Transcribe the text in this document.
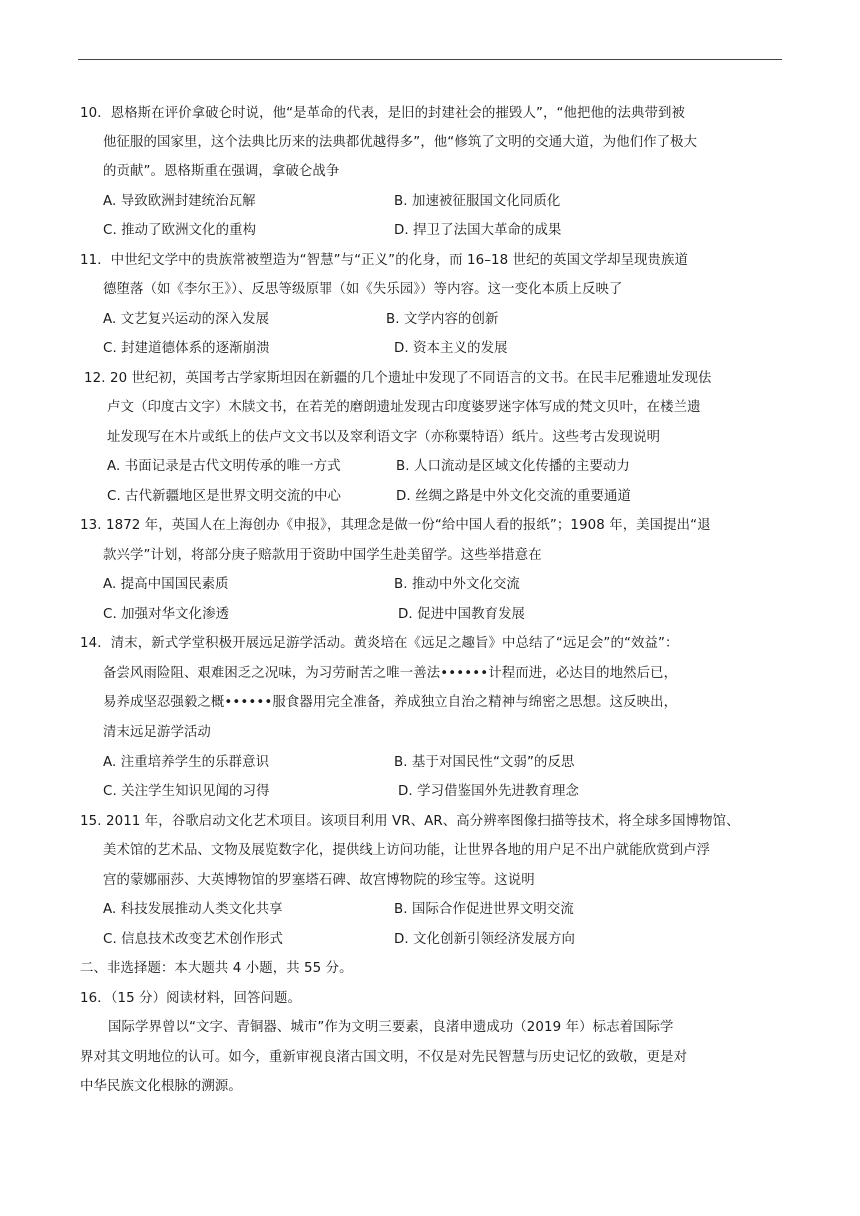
10．恩格斯在评价拿破仑时说，他“是革命的代表，是旧的封建社会的摧毁人”，“他把他的法典带到被
他征服的国家里，这个法典比历来的法典都优越得多”，他“修筑了文明的交通大道，为他们作了极大
的贡献”。恩格斯重在强调，拿破仑战争
A. 导致欧洲封建统治瓦解	B. 加速被征服国文化同质化
C. 推动了欧洲文化的重构	D. 捍卫了法国大革命的成果
11．中世纪文学中的贵族常被塑造为“智慧”与“正义”的化身，而 16–18 世纪的英国文学却呈现贵族道
德堕落（如《李尔王》）、反思等级原罪（如《失乐园》）等内容。这一变化本质上反映了
A. 文艺复兴运动的深入发展	B. 文学内容的创新
C. 封建道德体系的逐渐崩溃	D. 资本主义的发展
12. 20 世纪初，英国考古学家斯坦因在新疆的几个遗址中发现了不同语言的文书。在民丰尼雅遗址发现佉
卢文（印度古文字）木牍文书，在若羌的磨朗遗址发现古印度婆罗迷字体写成的梵文贝叶，在楼兰遗
址发现写在木片或纸上的佉卢文文书以及窣利语文字（亦称粟特语）纸片。这些考古发现说明
A. 书面记录是古代文明传承的唯一方式	B. 人口流动是区域文化传播的主要动力
C. 古代新疆地区是世界文明交流的中心	D. 丝绸之路是中外文化交流的重要通道
13. 1872 年，英国人在上海创办《申报》，其理念是做一份“给中国人看的报纸”；1908 年，美国提出“退
款兴学”计划，将部分庚子赔款用于资助中国学生赴美留学。这些举措意在
A. 提高中国国民素质	B. 推动中外文化交流
C. 加强对华文化渗透	D. 促进中国教育发展
14．清末，新式学堂积极开展远足游学活动。黄炎培在《远足之趣旨》中总结了“远足会”的“效益”：
备尝风雨险阻、艰难困乏之况味，为习劳耐苦之唯一善法••••••计程而进，必达目的地然后已，
易养成坚忍强毅之概••••••服食器用完全准备，养成独立自治之精神与绵密之思想。这反映出，
清末远足游学活动
A. 注重培养学生的乐群意识	B. 基于对国民性“文弱”的反思
C. 关注学生知识见闻的习得	D. 学习借鉴国外先进教育理念
15. 2011 年，谷歌启动文化艺术项目。该项目利用 VR、AR、高分辨率图像扫描等技术，将全球多国博物馆、
美术馆的艺术品、文物及展览数字化，提供线上访问功能，让世界各地的用户足不出户就能欣赏到卢浮
宫的蒙娜丽莎、大英博物馆的罗塞塔石碑、故宫博物院的珍宝等。这说明
A. 科技发展推动人类文化共享	B. 国际合作促进世界文明交流
C. 信息技术改变艺术创作形式	D. 文化创新引领经济发展方向
二、非选择题：本大题共 4 小题，共 55 分。
16．（15 分）阅读材料，回答问题。
国际学界曾以“文字、青铜器、城市”作为文明三要素，良渚申遗成功（2019 年）标志着国际学
界对其文明地位的认可。如今，重新审视良渚古国文明，不仅是对先民智慧与历史记忆的致敬，更是对
中华民族文化根脉的溯源。
